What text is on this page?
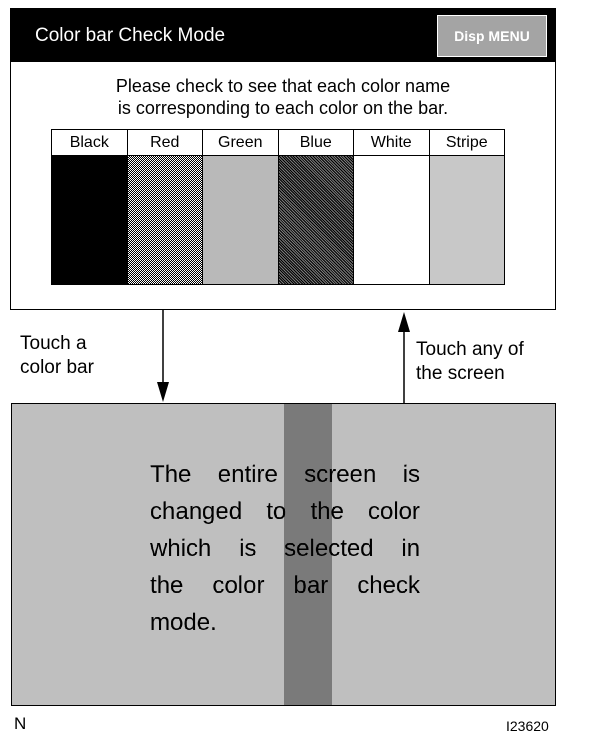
Color bar Check Mode	Disp MENU
Please check to see that each color name
is corresponding to each color on the bar.
Black	Red	Green	Blue	White	Stripe
Touch a
color bar
Touch any of
the screen
The entire screen is
changed to the color
which is selected in
the color bar check
mode.
N	I23620
